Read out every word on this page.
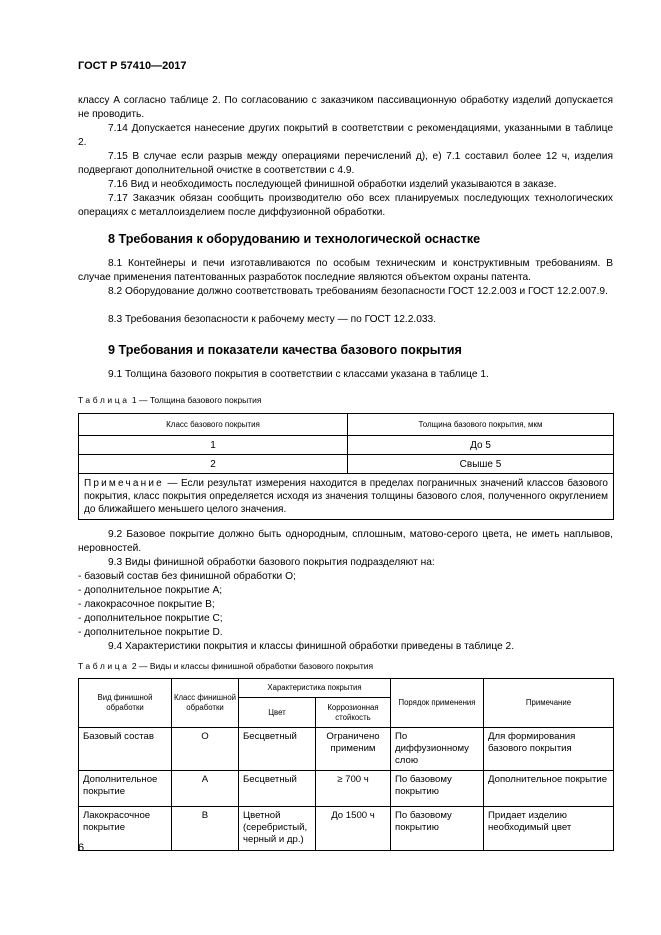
ГОСТ Р 57410—2017

классу А согласно таблице 2. По согласованию с заказчиком пассивационную обработку изделий допускается не проводить.

7.14 Допускается нанесение других покрытий в соответствии с рекомендациями, указанными в таблице 2.

7.15 В случае если разрыв между операциями перечислений д), е) 7.1 составил более 12 ч, изделия подвергают дополнительной очистке в соответствии с 4.9.

7.16 Вид и необходимость последующей финишной обработки изделий указываются в заказе.

7.17 Заказчик обязан сообщить производителю обо всех планируемых последующих технологических операциях с металлоизделием после диффузионной обработки.

8 Требования к оборудованию и технологической оснастке

8.1 Контейнеры и печи изготавливаются по особым техническим и конструктивным требованиям. В случае применения патентованных разработок последние являются объектом охраны патента.

8.2 Оборудование должно соответствовать требованиям безопасности ГОСТ 12.2.003 и ГОСТ 12.2.007.9.

8.3 Требования безопасности к рабочему месту — по ГОСТ 12.2.033.

9 Требования и показатели качества базового покрытия

9.1 Толщина базового покрытия в соответствии с классами указана в таблице 1.

Таблица 1 — Толщина базового покрытия
Класс базового покрытия	Толщина базового покрытия, мкм
1	До 5
2	Свыше 5
Примечание — Если результат измерения находится в пределах пограничных значений классов базового покрытия, класс покрытия определяется исходя из значения толщины базового слоя, полученного округлением до ближайшего меньшего целого значения.	

9.2 Базовое покрытие должно быть однородным, сплошным, матово-серого цвета, не иметь наплывов, неровностей.

9.3 Виды финишной обработки базового покрытия подразделяют на:

- базовый состав без финишной обработки О;

- дополнительное покрытие А;

- лакокрасочное покрытие В;

- дополнительное покрытие С;

- дополнительное покрытие D.

9.4 Характеристики покрытия и классы финишной обработки приведены в таблице 2.

Таблица 2 — Виды и классы финишной обработки базового покрытия
Вид финишной обработки	Класс финишной обработки	Характеристика покрытия		Порядок применения	Примечание
		Цвет	Коррозионная стойкость		
Базовый состав	О	Бесцветный	Ограничено применим	По диффузионному слою	Для формирования базового покрытия
Дополнительное покрытие	А	Бесцветный	≥ 700 ч	По базовому покрытию	Дополнительное покрытие
Лакокрасочное покрытие	В	Цветной (серебристый, черный и др.)	До 1500 ч	По базовому покрытию	Придает изделию необходимый цвет
6
